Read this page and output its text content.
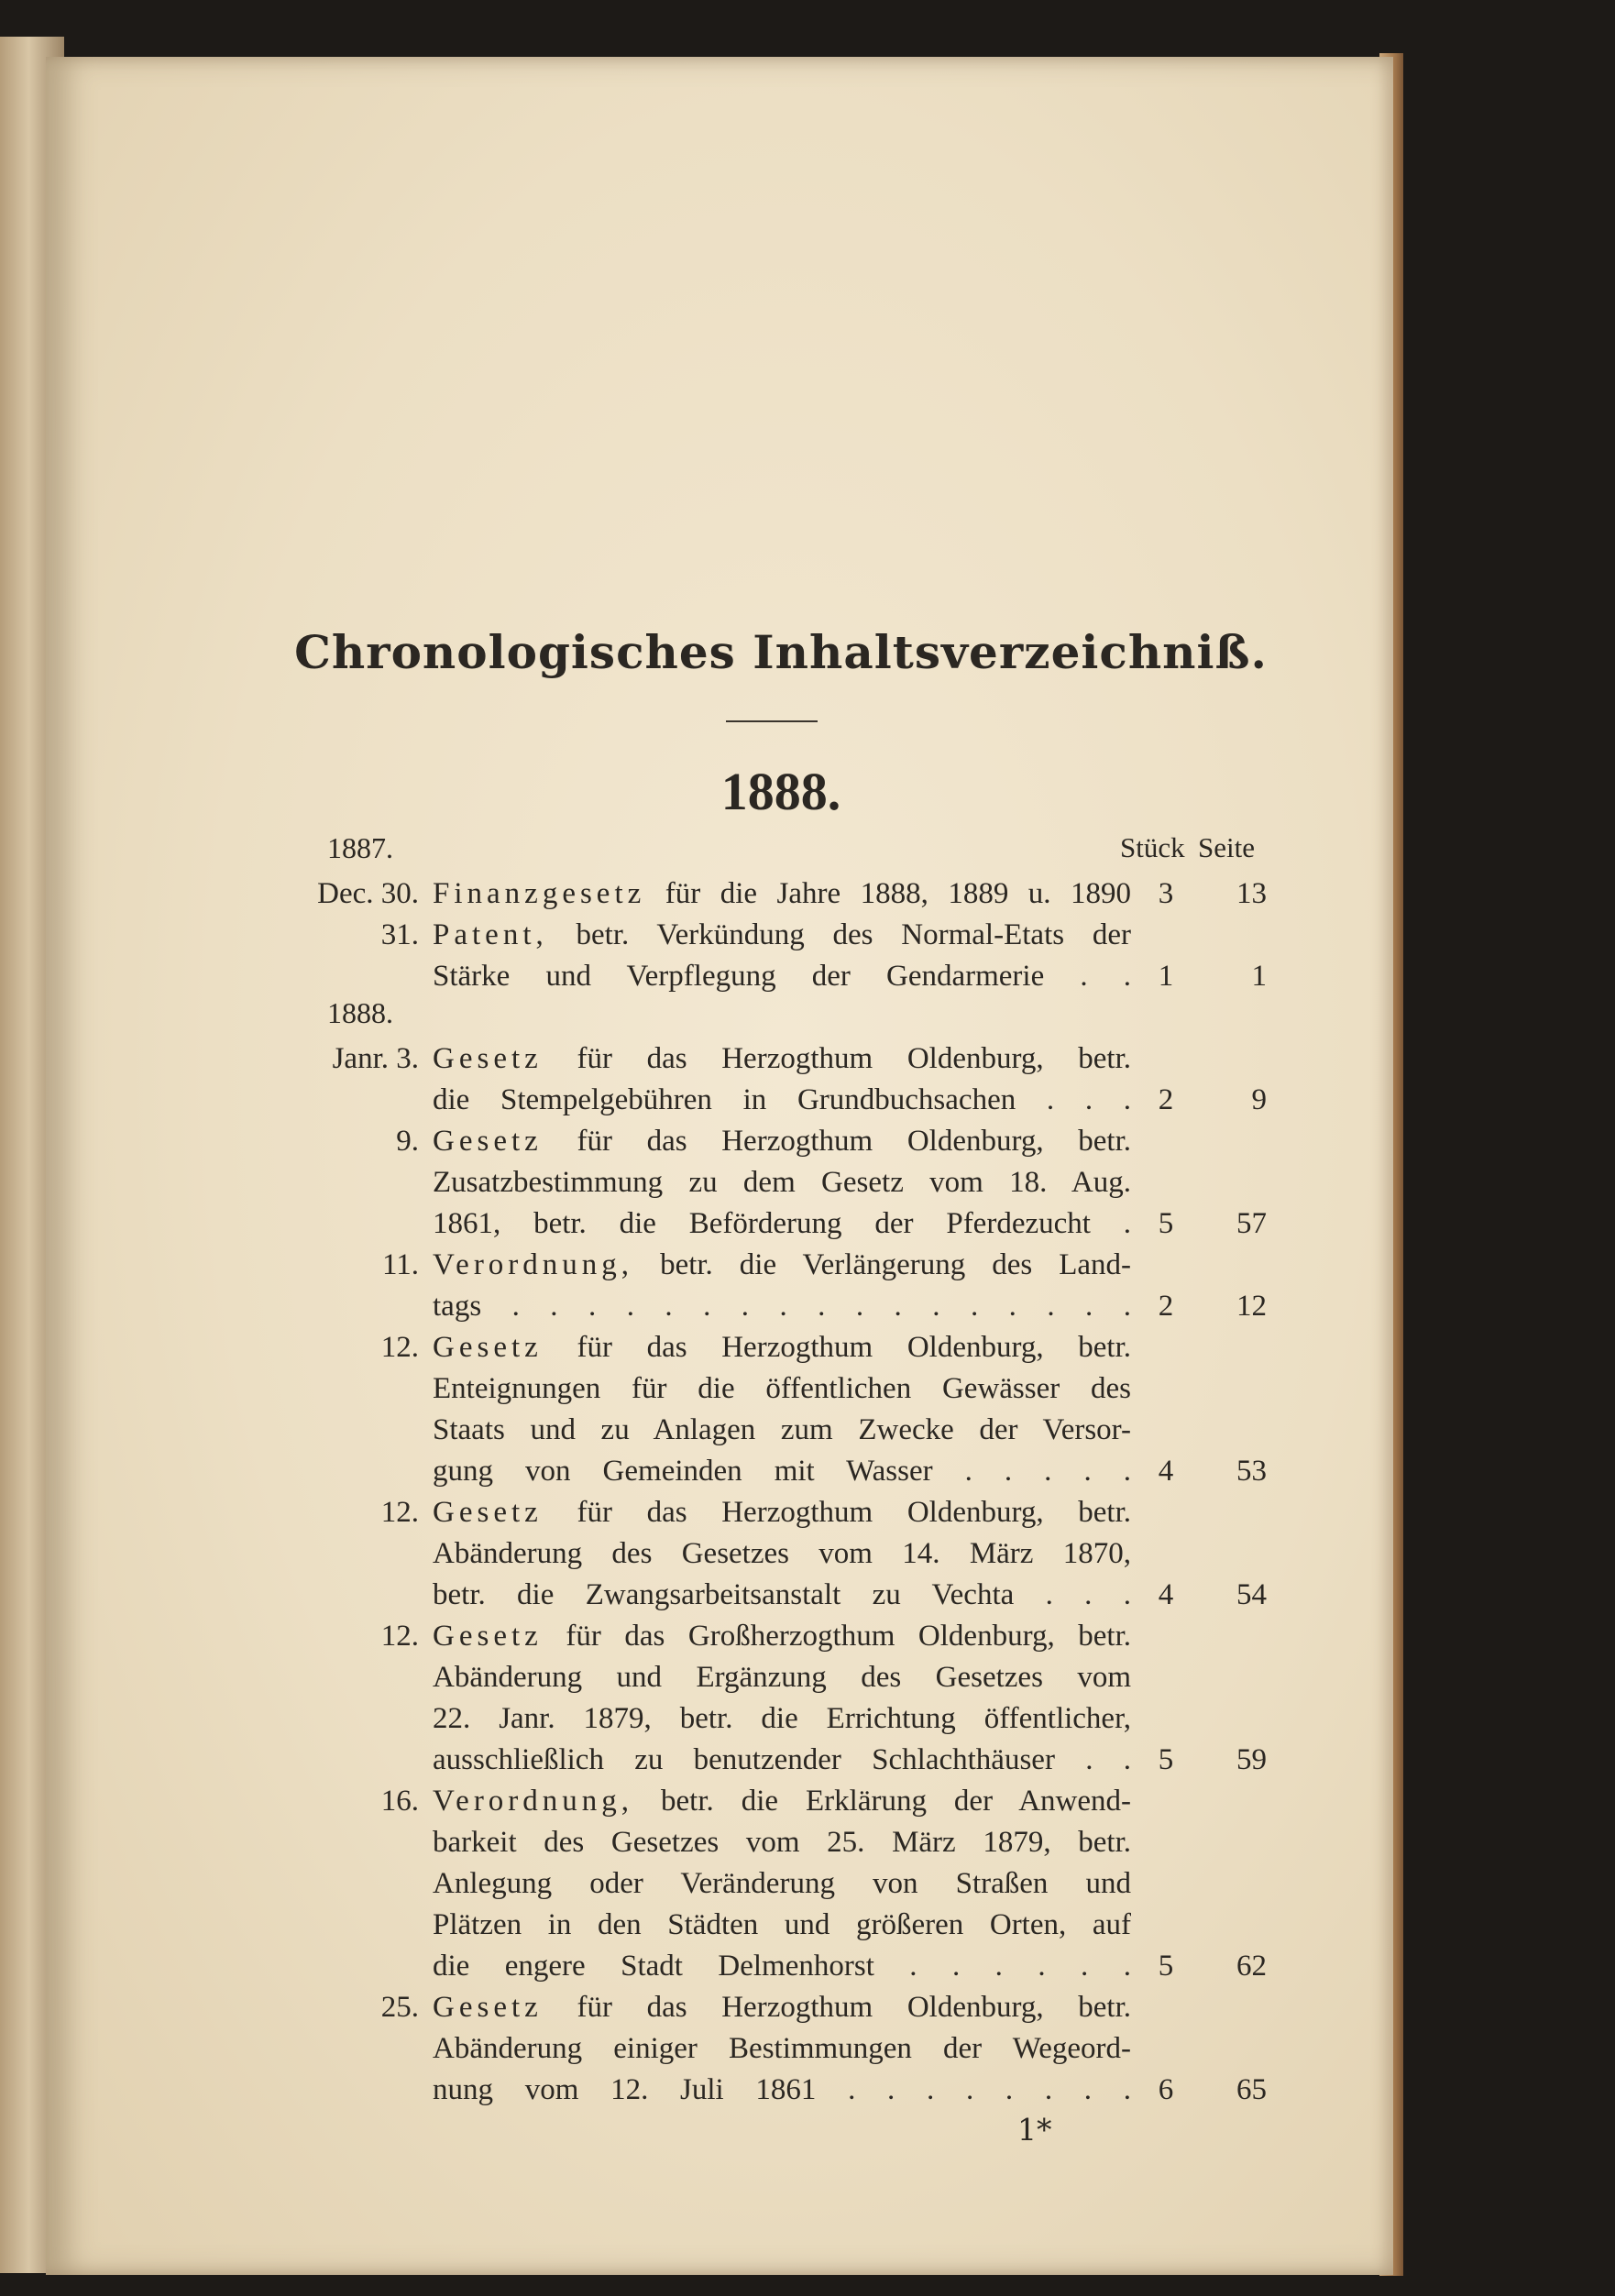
Chronologisches Inhaltsverzeichniß.
1888.
1887.	Stück Seite
1888.
Dec. 30. Finanzgesetz für die Jahre 1888, 1889 u. 1890 3	13
31. Patent, betr. Verkündung des Normal-Etats der
Stärke und Verpflegung der Gendarmerie . . 1	1
Janr. 3. Gesetz für das Herzogthum Oldenburg, betr.
die Stempelgebühren in Grundbuchsachen . . . 2	9
9. Gesetz für das Herzogthum Oldenburg, betr.
Zusatzbestimmung zu dem Gesetz vom 18. Aug.
1861, betr. die Beförderung der Pferdezucht . 5	57
11. Verordnung, betr. die Verlängerung des Land-
tags . . . . . . . . . . . . . . . . . 2	12
12. Gesetz für das Herzogthum Oldenburg, betr.
Enteignungen für die öffentlichen Gewässer des
Staats und zu Anlagen zum Zwecke der Versor-
gung von Gemeinden mit Wasser . . . . . 4	53
12. Gesetz für das Herzogthum Oldenburg, betr.
Abänderung des Gesetzes vom 14. März 1870,
betr. die Zwangsarbeitsanstalt zu Vechta . . . 4	54
12. Gesetz für das Großherzogthum Oldenburg, betr.
Abänderung und Ergänzung des Gesetzes vom
22. Janr. 1879, betr. die Errichtung öffentlicher,
ausschließlich zu benutzender Schlachthäuser . . 5	59
16. Verordnung, betr. die Erklärung der Anwend-
barkeit des Gesetzes vom 25. März 1879, betr.
Anlegung oder Veränderung von Straßen und
Plätzen in den Städten und größeren Orten, auf
die engere Stadt Delmenhorst . . . . . . 5	62
25. Gesetz für das Herzogthum Oldenburg, betr.
Abänderung einiger Bestimmungen der Wegeord-
nung vom 12. Juli 1861 . . . . . . . . 6	65
1*
